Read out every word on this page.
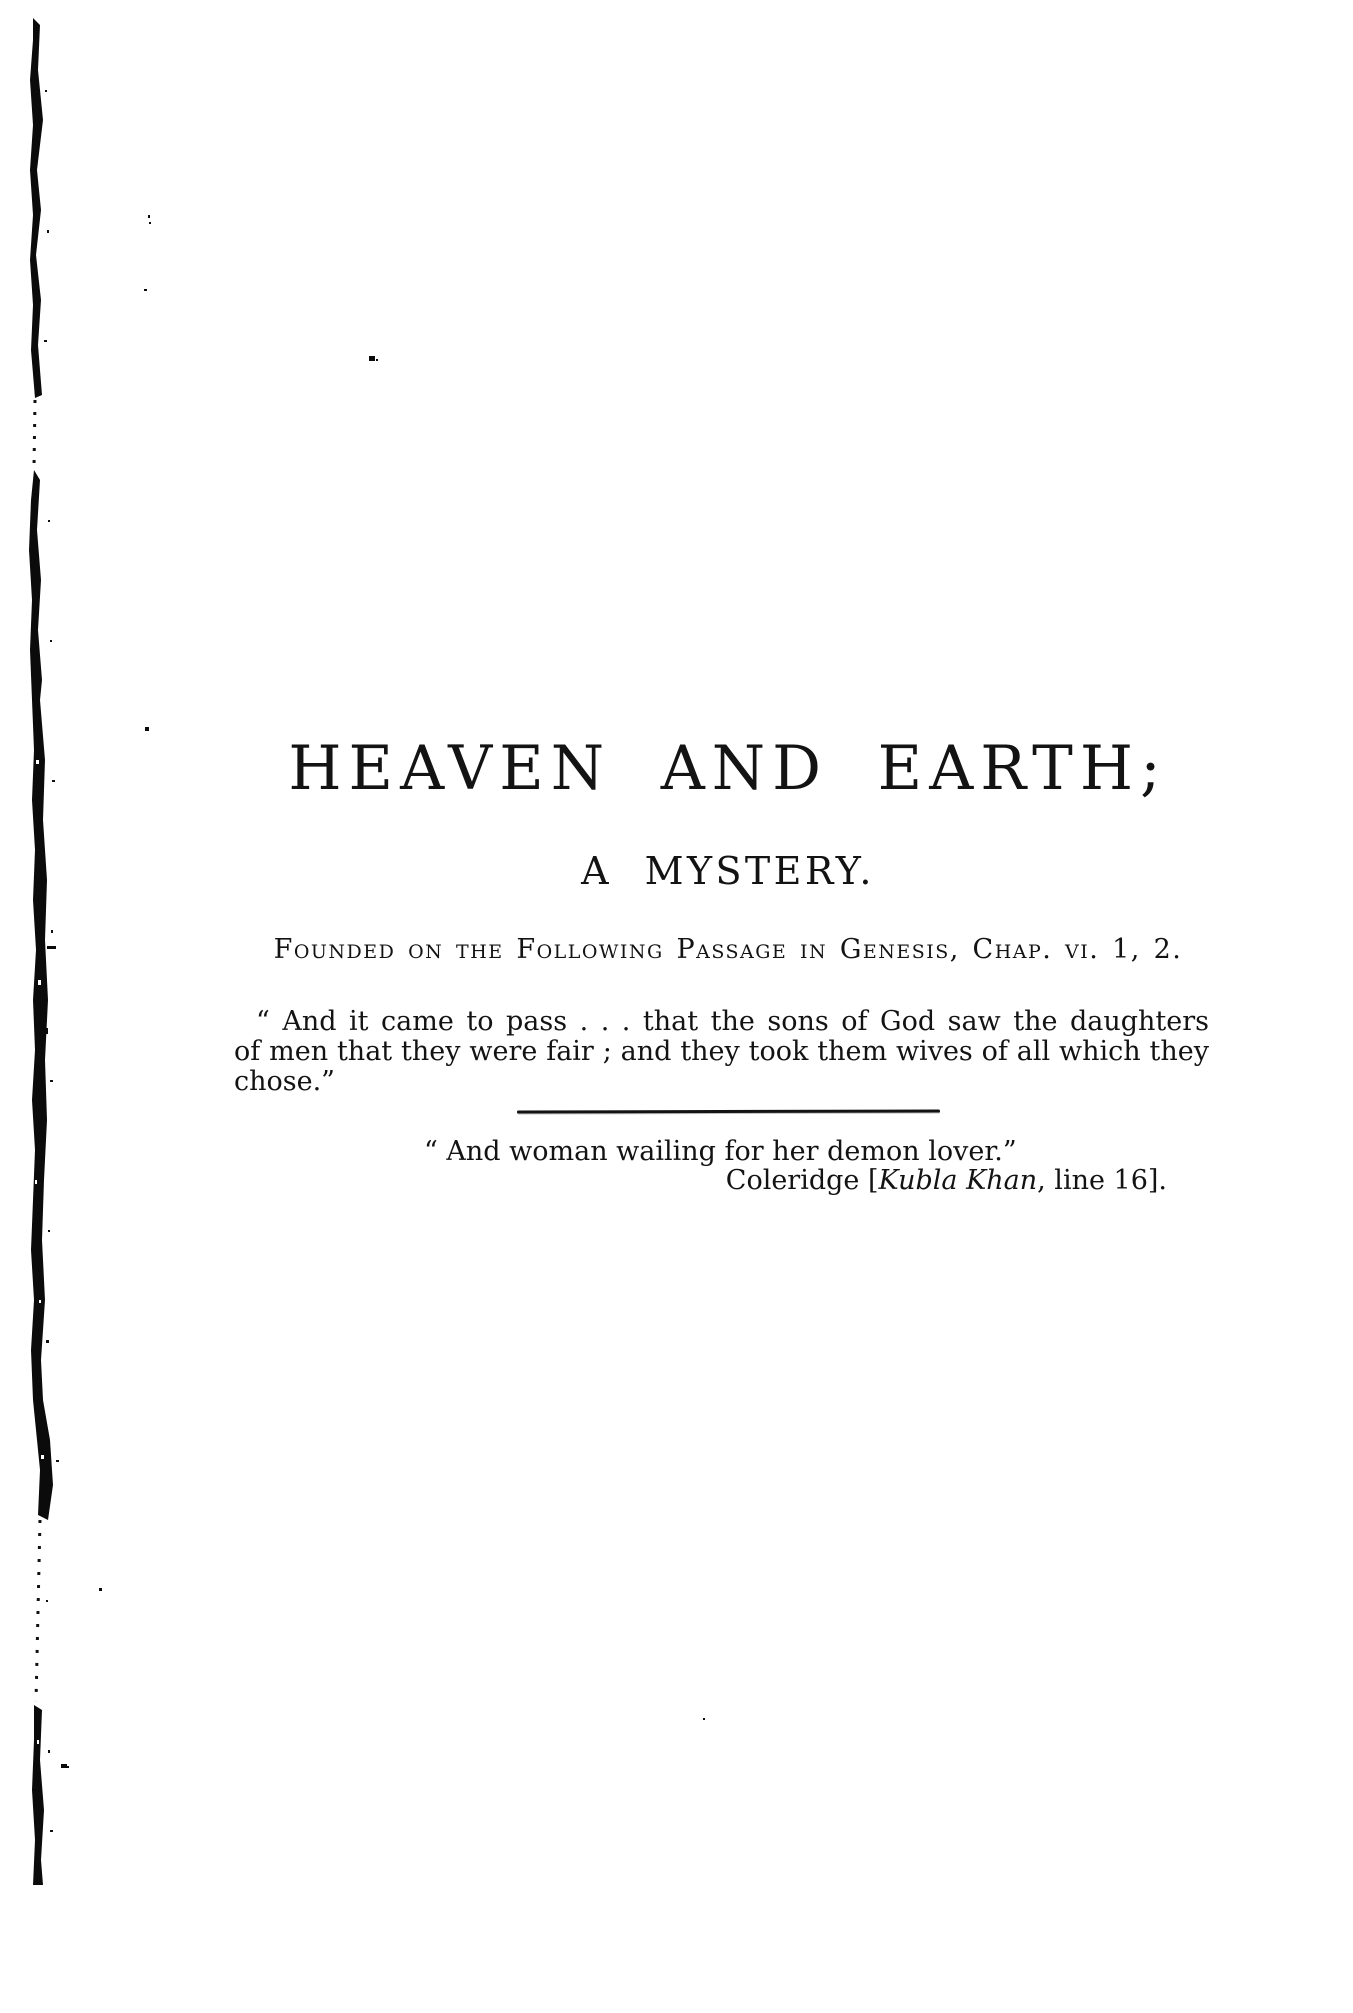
HEAVEN AND EARTH;
A MYSTERY.
Founded on the Following Passage in Genesis, Chap. vi. 1, 2.
“ And it came to pass . . . that the sons of God saw the daughters
of men that they were fair ; and they took them wives of all which they
chose.”
“ And woman wailing for her demon lover.”
Coleridge [Kubla Khan, line 16].
